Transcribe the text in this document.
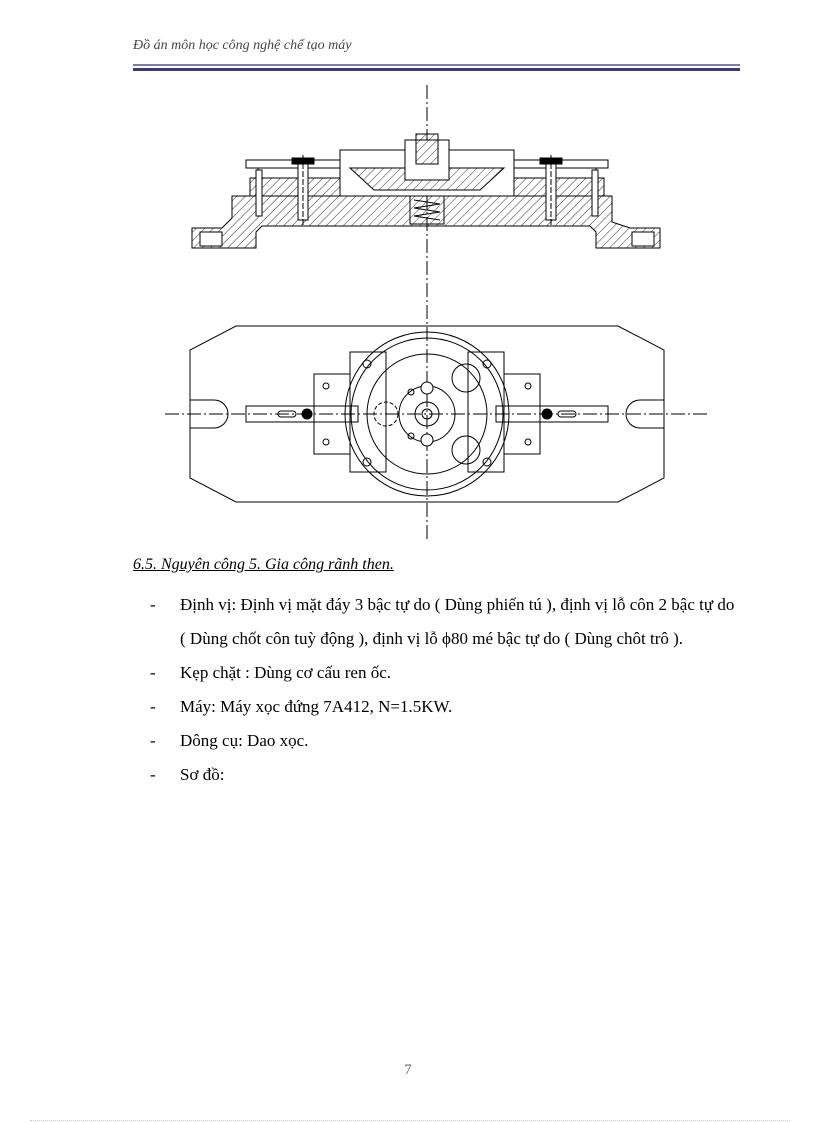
Đồ án môn học công nghệ chế tạo máy
6.5. Nguyên công 5. Gia công rãnh then.
- Định vị: Định vị mặt đáy 3 bậc tự do ( Dùng phiến tú ), định vị lỗ côn 2 bậc tự do ( Dùng chốt côn tuỳ động ), định vị lỗ ϕ80 mé bậc tự do ( Dùng chôt trô ).
- Kẹp chặt : Dùng cơ cấu ren ốc.
- Máy: Máy xọc đứng 7A412, N=1.5KW.
- Dông cụ: Dao xọc.
- Sơ đồ:
7
